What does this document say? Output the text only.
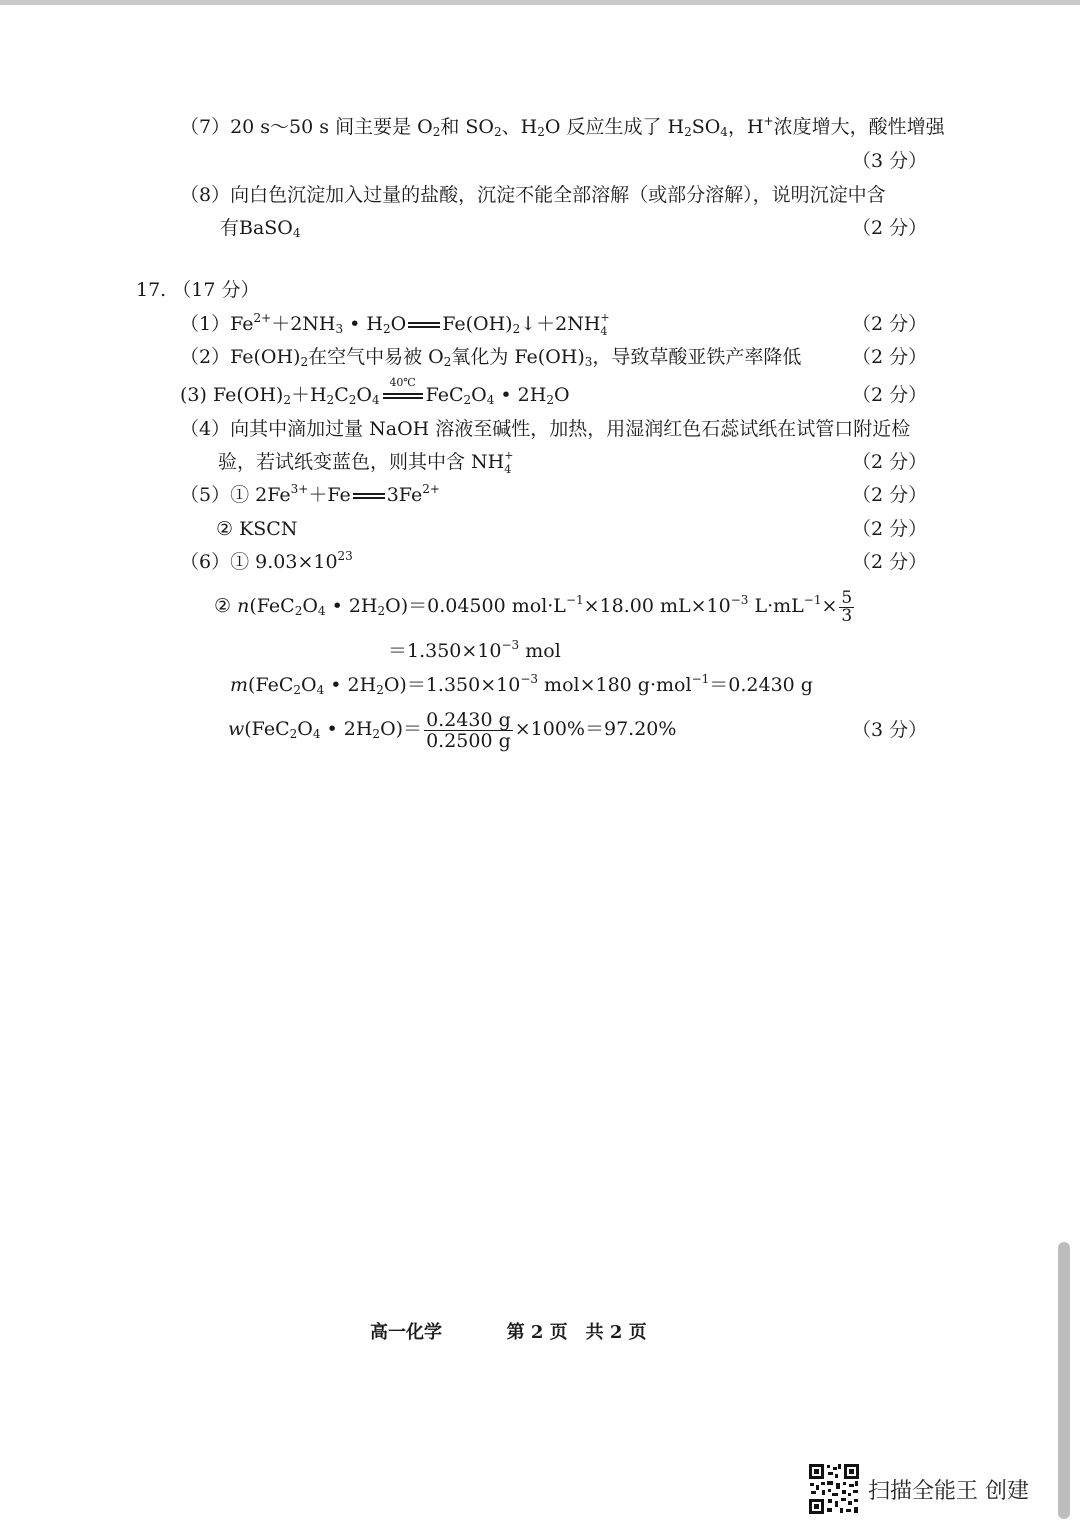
（7）20 s～50 s 间主要是 $O_2$和 $SO_2$、$H_2O$ 反应生成了 $H_2SO_4$，H+浓度增大，酸性增强
（3 分）
（8）向白色沉淀加入过量的盐酸，沉淀不能全部溶解（或部分溶解），说明沉淀中含
有BaSO$_4$	（2 分）
17. （17 分）
$(1)Fe^{2+}+2NH_3$ • $H_2O$ $Fe(OH)_2↓+2NH$ +
4	（2 分）
$(2)Fe(OH)_2$在空气中易被 $O_2$氧化为 $Fe(OH)_3$，导致草酸亚铁产率降低	（2 分）
(3) $Fe(OH)_2+H_2C_2O_4$
40℃
$FeC_2O_4$ • $2H_2O$	（2 分）
（4）向其中滴加过量 NaOH 溶液至碱性，加热，用湿润红色石蕊试纸在试管口附近检
验，若试纸变蓝色，则其中含 NH +
4	（2 分）
（5）① $2Fe^{3+}+Fe$ $3Fe^{2+}$	（2 分）
② KSCN	（2 分）
（6）① $9.03\times 10^{23}$	（2 分）
② $n(FeC_2O_4$ • $2H_2O)=0.04500$ $mol\cdot L^{-1}\times 18.00$ $mL\times 10^{-3}$ $L\cdot mL^{-1}\times \frac{5}{3}$
$=1.350\times 10^{-3}$ mol
$m(FeC_2O_4$ • $2H_2O)=1.350\times 10^{-3}$ mol×180 g·mol$^{-1}$＝0.2430 g
$w(FeC_2O_4$ • $2H_2O)= \frac{0.2430 g}{0.2500 g} \times 100\%=97.20\%$	（3 分）
高一化学	第 2 页　共 2 页
扫描全能王 创建
